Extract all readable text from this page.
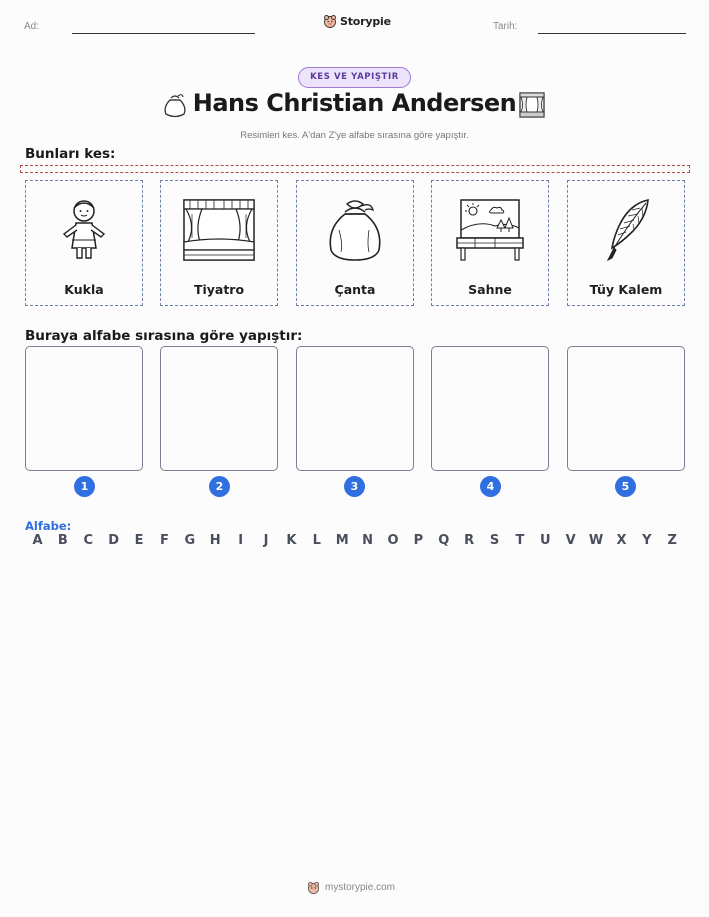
Ad:	Storypie	Tarih:
KES VE YAPIŞTIR
Hans Christian Andersen
Resimleri kes. A'dan Z'ye alfabe sırasına göre yapıştır.
Bunları kes:
Kukla	Tiyatro	Çanta	Sahne	Tüy Kalem
Buraya alfabe sırasına göre yapıştır:
1	2	3	4	5
Alfabe:
A	B	C	D	E	F	G	H	I	J	K	L	M	N	O	P	Q	R	S	T	U	V	W	X	Y	Z
mystorypie.com
